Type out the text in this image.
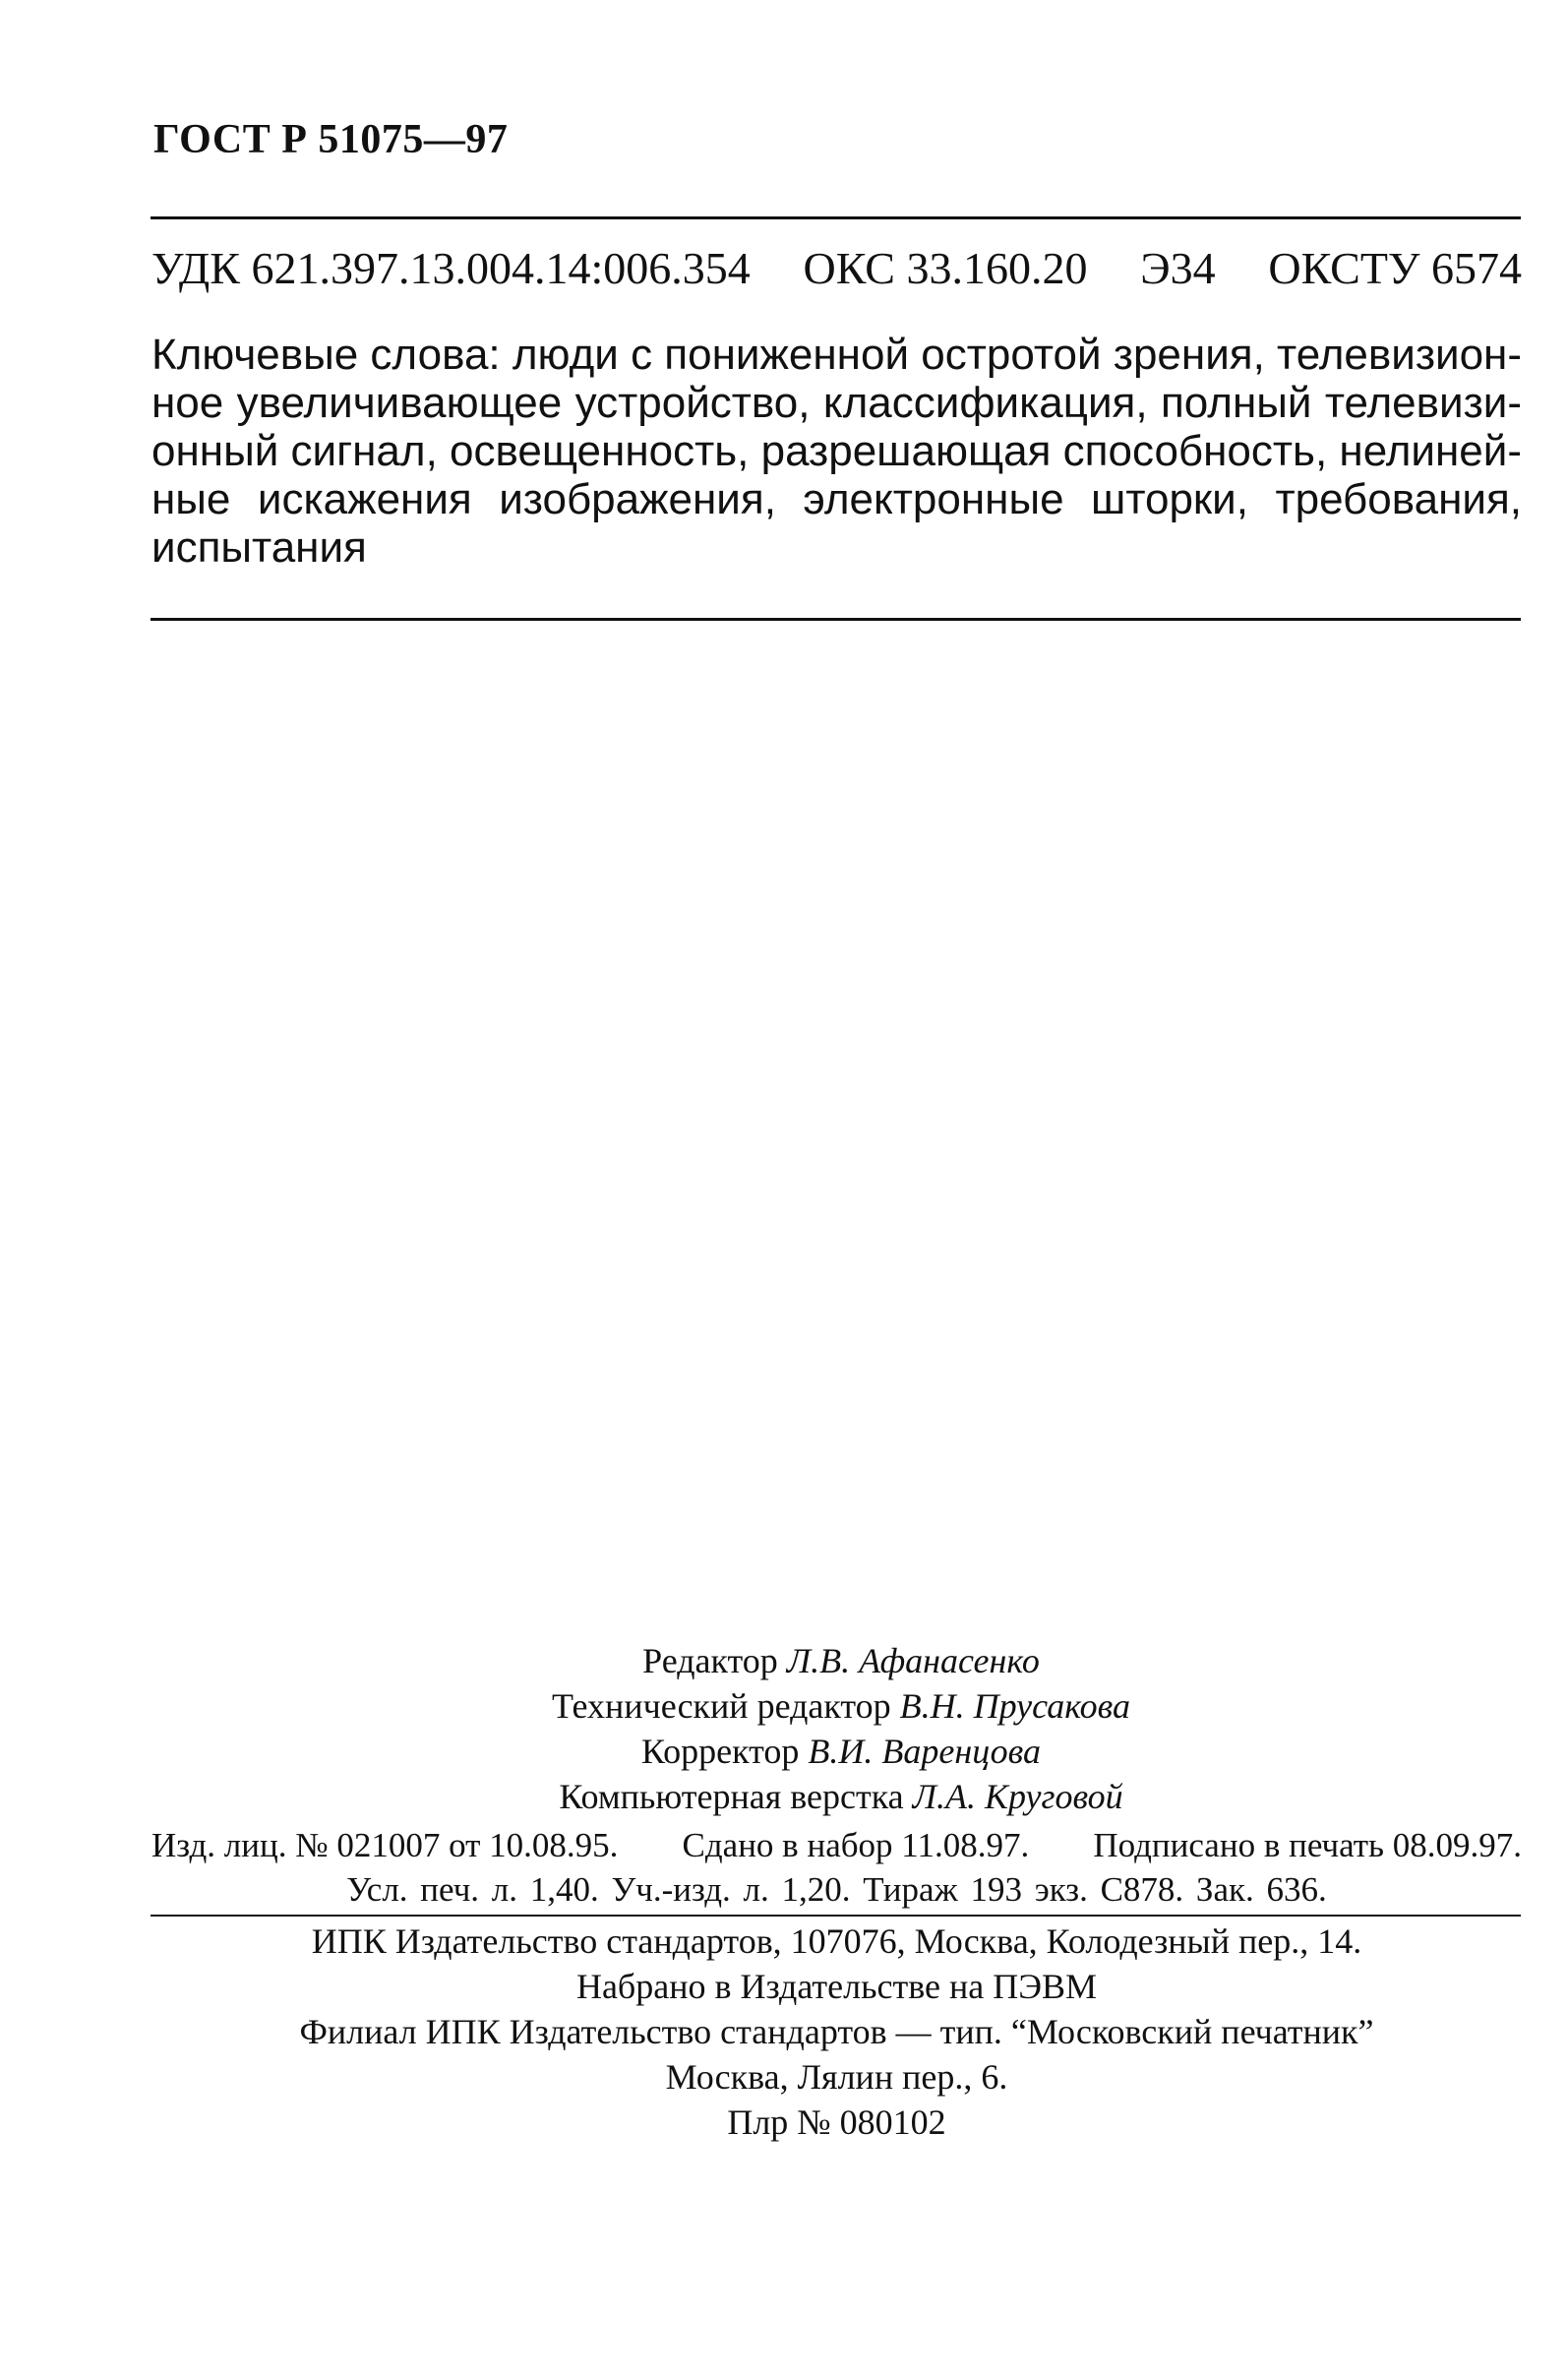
ГОСТ Р 51075—97
УДК 621.397.13.004.14:006.354 ОКС 33.160.20 Э34 ОКСТУ 6574
Ключевые слова: люди с пониженной остротой зрения, телевизионное увеличивающее устройство, классификация, полный телевизионный сигнал, освещенность, разрешающая способность, нелинейные искажения изображения, электронные шторки, требования, испытания
Редактор Л.В. Афанасенко
Технический редактор В.Н. Прусакова
Корректор В.И. Варенцова
Компьютерная верстка Л.А. Круговой
Изд. лиц. № 021007 от 10.08.95. Сдано в набор 11.08.97. Подписано в печать 08.09.97.
Усл. печ. л. 1,40. Уч.-изд. л. 1,20. Тираж 193 экз. С878. Зак. 636.
ИПК Издательство стандартов, 107076, Москва, Колодезный пер., 14.
Набрано в Издательстве на ПЭВМ
Филиал ИПК Издательство стандартов — тип. “Московский печатник”
Москва, Лялин пер., 6.
Плр № 080102
